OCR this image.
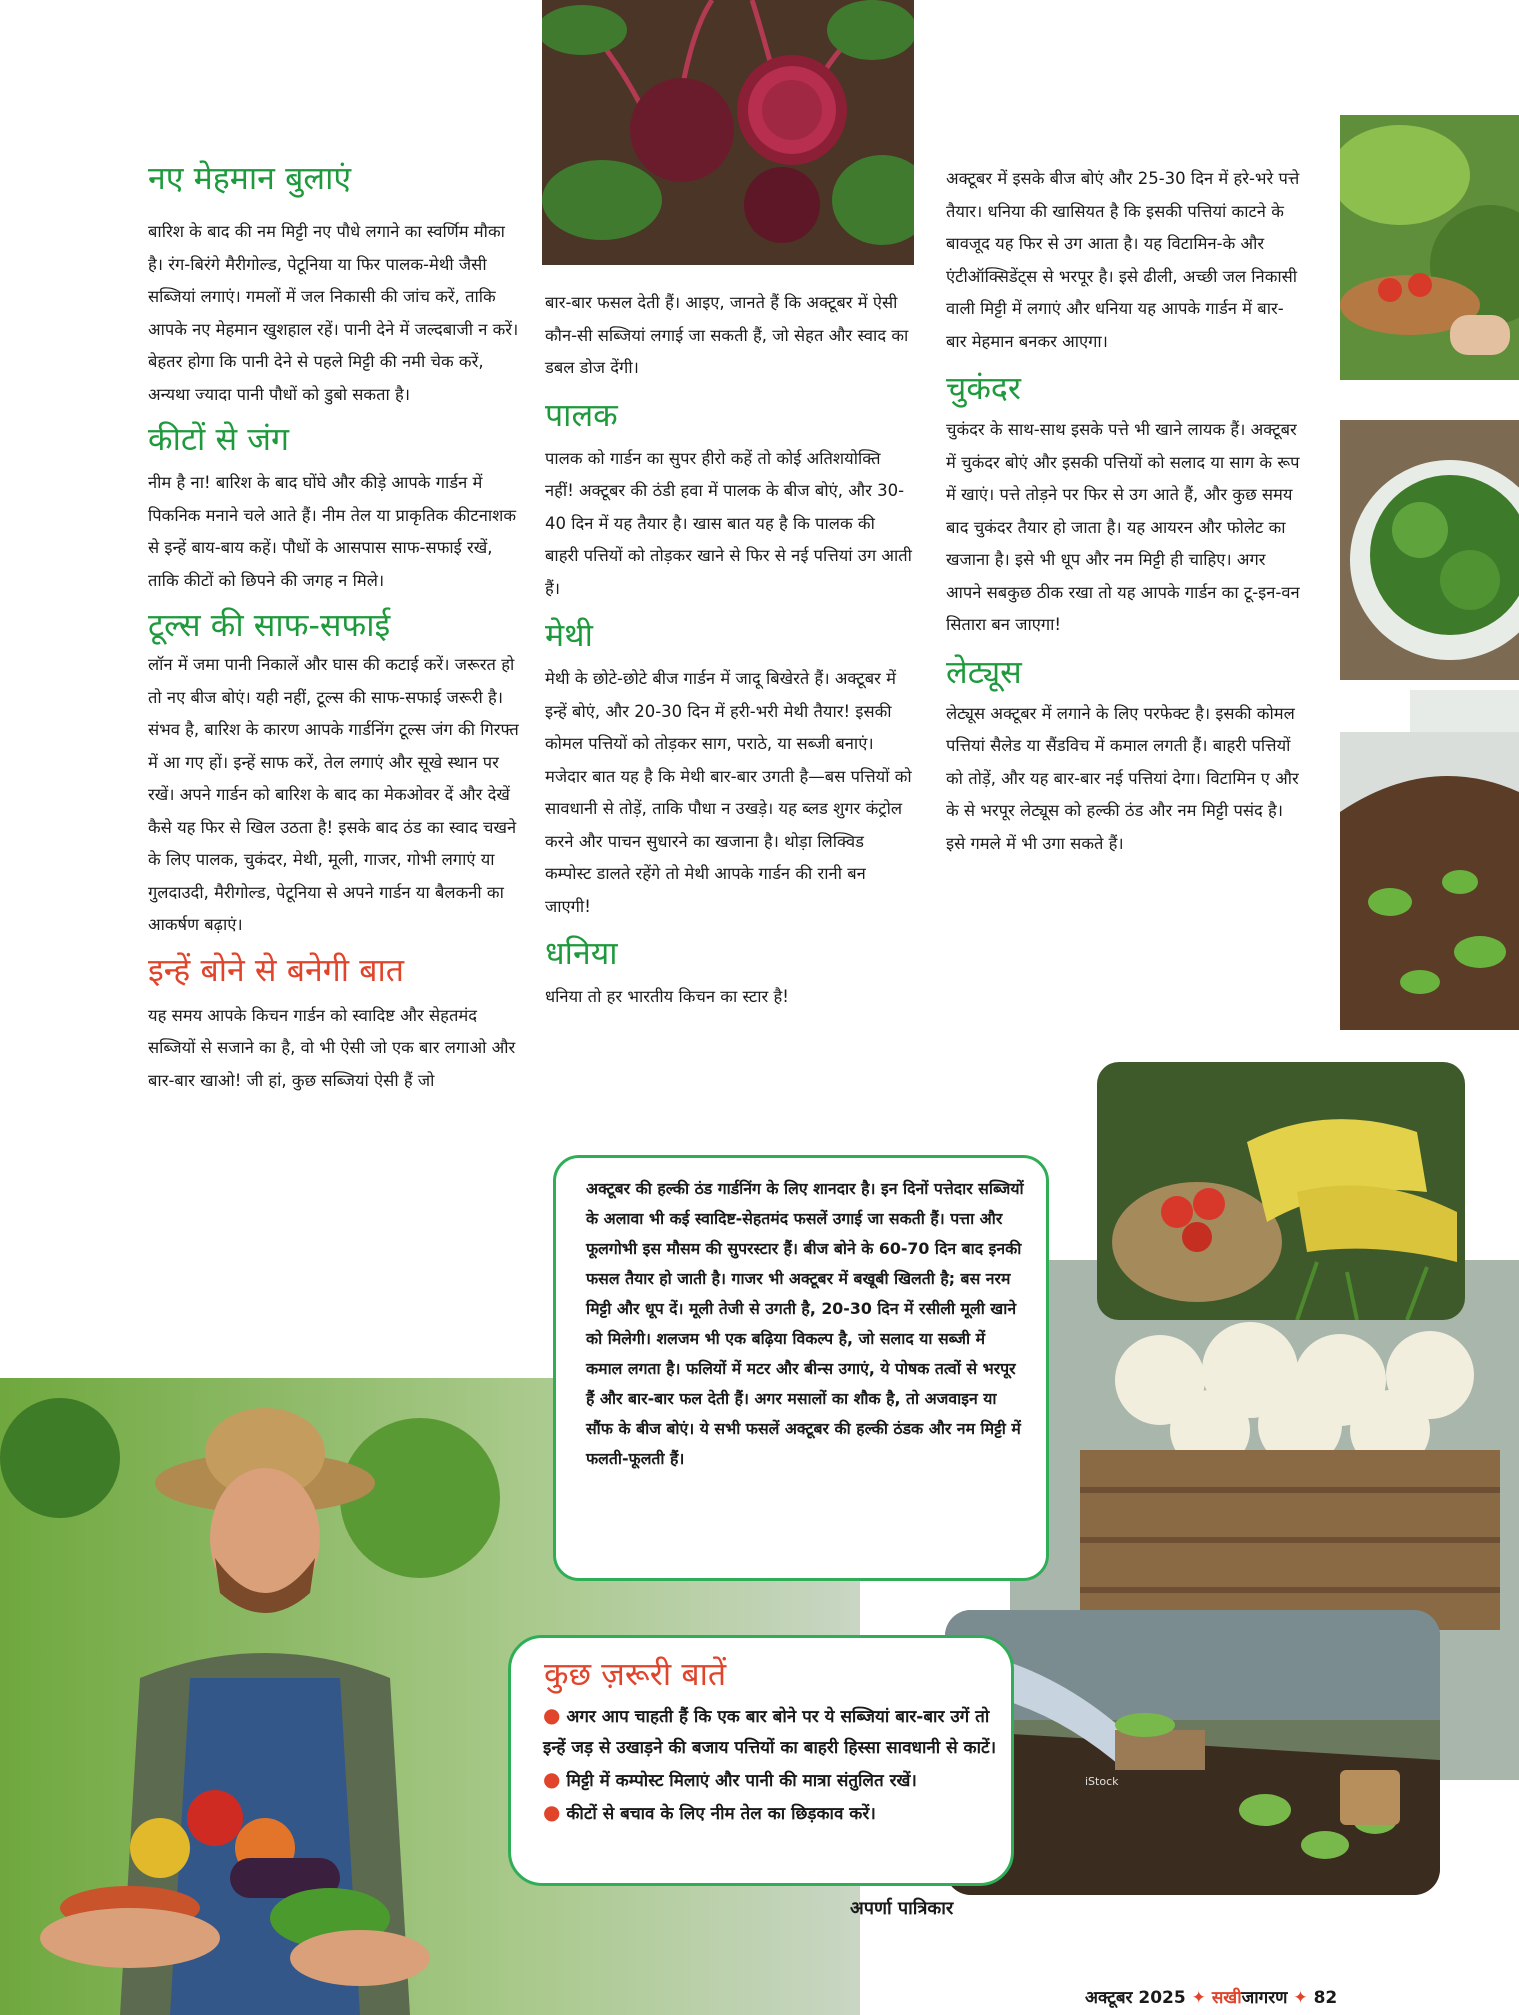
नए मेहमान बुलाएं

बारिश के बाद की नम मिट्टी नए पौधे लगाने का स्वर्णिम मौका है। रंग-बिरंगे मैरीगोल्ड, पेटूनिया या फिर पालक-मेथी जैसी सब्जियां लगाएं। गमलों में जल निकासी की जांच करें, ताकि आपके नए मेहमान खुशहाल रहें। पानी देने में जल्दबाजी न करें। बेहतर होगा कि पानी देने से पहले मिट्टी की नमी चेक करें, अन्यथा ज्यादा पानी पौधों को डुबो सकता है।

कीटों से जंग

नीम है ना! बारिश के बाद घोंघे और कीड़े आपके गार्डन में पिकनिक मनाने चले आते हैं। नीम तेल या प्राकृतिक कीटनाशक से इन्हें बाय-बाय कहें। पौधों के आसपास साफ-सफाई रखें, ताकि कीटों को छिपने की जगह न मिले।

टूल्स की साफ-सफाई

लॉन में जमा पानी निकालें और घास की कटाई करें। जरूरत हो तो नए बीज बोएं। यही नहीं, टूल्स की साफ-सफाई जरूरी है। संभव है, बारिश के कारण आपके गार्डनिंग टूल्स जंग की गिरफ्त में आ गए हों। इन्हें साफ करें, तेल लगाएं और सूखे स्थान पर रखें। अपने गार्डन को बारिश के बाद का मेकओवर दें और देखें कैसे यह फिर से खिल उठता है! इसके बाद ठंड का स्वाद चखने के लिए पालक, चुकंदर, मेथी, मूली, गाजर, गोभी लगाएं या गुलदाउदी, मैरीगोल्ड, पेटूनिया से अपने गार्डन या बैलकनी का आकर्षण बढ़ाएं।

इन्हें बोने से बनेगी बात

यह समय आपके किचन गार्डन को स्वादिष्ट और सेहतमंद सब्जियों से सजाने का है, वो भी ऐसी जो एक बार लगाओ और बार-बार खाओ! जी हां, कुछ सब्जियां ऐसी हैं जो

बार-बार फसल देती हैं। आइए, जानते हैं कि अक्टूबर में ऐसी कौन-सी सब्जियां लगाई जा सकती हैं, जो सेहत और स्वाद का डबल डोज देंगी।

पालक

पालक को गार्डन का सुपर हीरो कहें तो कोई अतिशयोक्ति नहीं! अक्टूबर की ठंडी हवा में पालक के बीज बोएं, और 30-40 दिन में यह तैयार है। खास बात यह है कि पालक की बाहरी पत्तियों को तोड़कर खाने से फिर से नई पत्तियां उग आती हैं।

मेथी

मेथी के छोटे-छोटे बीज गार्डन में जादू बिखेरते हैं। अक्टूबर में इन्हें बोएं, और 20-30 दिन में हरी-भरी मेथी तैयार! इसकी कोमल पत्तियों को तोड़कर साग, पराठे, या सब्जी बनाएं। मजेदार बात यह है कि मेथी बार-बार उगती है—बस पत्तियों को सावधानी से तोड़ें, ताकि पौधा न उखड़े। यह ब्लड शुगर कंट्रोल करने और पाचन सुधारने का खजाना है। थोड़ा लिक्विड कम्पोस्ट डालते रहेंगे तो मेथी आपके गार्डन की रानी बन जाएगी!

धनिया

धनिया तो हर भारतीय किचन का स्टार है!

अक्टूबर में इसके बीज बोएं और 25-30 दिन में हरे-भरे पत्ते तैयार। धनिया की खासियत है कि इसकी पत्तियां काटने के बावजूद यह फिर से उग आता है। यह विटामिन-के और एंटीऑक्सिडेंट्स से भरपूर है। इसे ढीली, अच्छी जल निकासी वाली मिट्टी में लगाएं और धनिया यह आपके गार्डन में बार-बार मेहमान बनकर आएगा।

चुकंदर

चुकंदर के साथ-साथ इसके पत्ते भी खाने लायक हैं। अक्टूबर में चुकंदर बोएं और इसकी पत्तियों को सलाद या साग के रूप में खाएं। पत्ते तोड़ने पर फिर से उग आते हैं, और कुछ समय बाद चुकंदर तैयार हो जाता है। यह आयरन और फोलेट का खजाना है। इसे भी धूप और नम मिट्टी ही चाहिए। अगर आपने सबकुछ ठीक रखा तो यह आपके गार्डन का टू-इन-वन सितारा बन जाएगा!

लेट्यूस

लेट्यूस अक्टूबर में लगाने के लिए परफेक्ट है। इसकी कोमल पत्तियां सैलेड या सैंडविच में कमाल लगती हैं। बाहरी पत्तियों को तोड़ें, और यह बार-बार नई पत्तियां देगा। विटामिन ए और के से भरपूर लेट्यूस को हल्की ठंड और नम मिट्टी पसंद है। इसे गमले में भी उगा सकते हैं।

iStock

अक्टूबर की हल्की ठंड गार्डनिंग के लिए शानदार है। इन दिनों पत्तेदार सब्जियों के अलावा भी कई स्वादिष्ट-सेहतमंद फसलें उगाई जा सकती हैं। पत्ता और फूलगोभी इस मौसम की सुपरस्टार हैं। बीज बोने के 60-70 दिन बाद इनकी फसल तैयार हो जाती है। गाजर भी अक्टूबर में बखूबी खिलती है; बस नरम मिट्टी और धूप दें। मूली तेजी से उगती है, 20-30 दिन में रसीली मूली खाने को मिलेगी। शलजम भी एक बढ़िया विकल्प है, जो सलाद या सब्जी में कमाल लगता है। फलियों में मटर और बीन्स उगाएं, ये पोषक तत्वों से भरपूर हैं और बार-बार फल देती हैं। अगर मसालों का शौक है, तो अजवाइन या सौंफ के बीज बोएं। ये सभी फसलें अक्टूबर की हल्की ठंडक और नम मिट्टी में फलती-फूलती हैं।

कुछ ज़रूरी बातें

● अगर आप चाहती हैं कि एक बार बोने पर ये सब्जियां बार-बार उगें तो इन्हें जड़ से उखाड़ने की बजाय पत्तियों का बाहरी हिस्सा सावधानी से काटें।

● मिट्टी में कम्पोस्ट मिलाएं और पानी की मात्रा संतुलित रखें।

● कीटों से बचाव के लिए नीम तेल का छिड़काव करें।

अपर्णा पात्रिकार
अक्टूबर 2025 ✦ सखीजागरण ✦ 82
